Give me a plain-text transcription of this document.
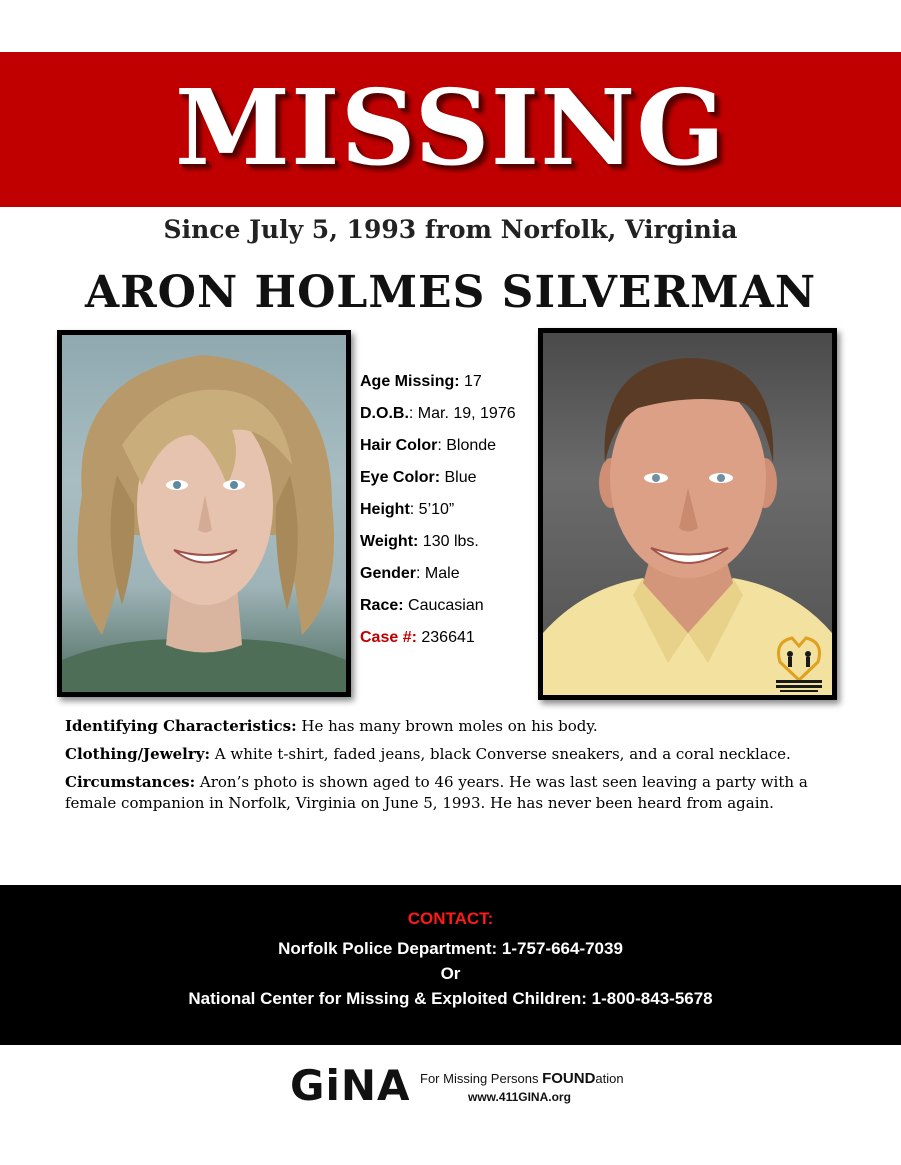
MISSING
Since July 5, 1993 from Norfolk, Virginia
ARON HOLMES SILVERMAN
Age Missing: 17
D.O.B.: Mar. 19, 1976
Hair Color: Blonde
Eye Color: Blue
Height: 5’10”
Weight: 130 lbs.
Gender: Male
Race: Caucasian
Case #: 236641

Identifying Characteristics: He has many brown moles on his body.

Clothing/Jewelry: A white t-shirt, faded jeans, black Converse sneakers, and a coral necklace.

Circumstances: Aron’s photo is shown aged to 46 years. He was last seen leaving a party with a female companion in Norfolk, Virginia on June 5, 1993. He has never been heard from again.

CONTACT:
Norfolk Police Department: 1-757-664-7039
Or
National Center for Missing & Exploited Children: 1-800-843-5678
GiNA For Missing Persons FOUNDation
www.411GINA.org
